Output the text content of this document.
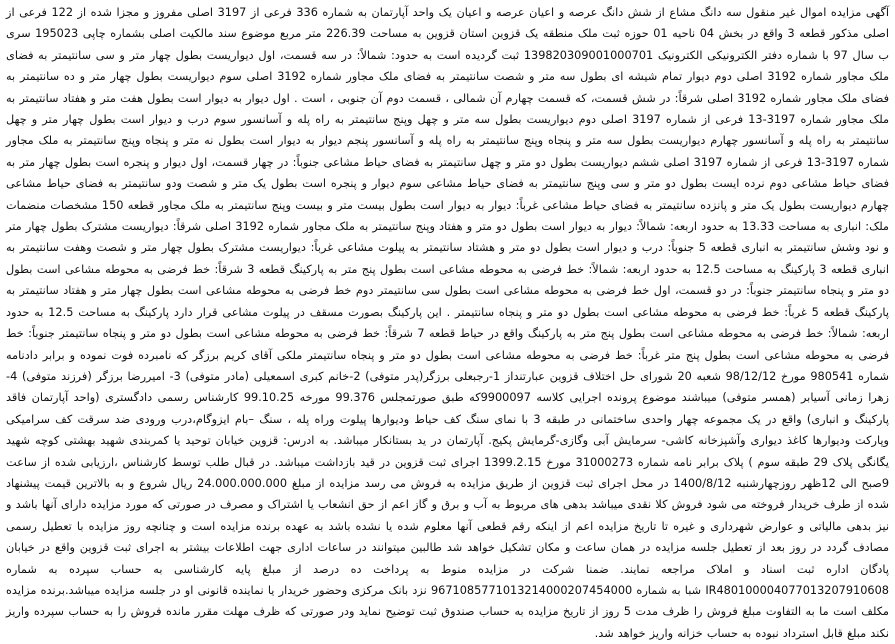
آگهی مزایده اموال غیر منقول سه دانگ مشاع از شش دانگ عرصه و اعیان عرصه و اعیان یک واحد آپارتمان به شماره 336 فرعی از 3197 اصلی مفروز و مجزا شده از 122 فرعی از اصلی مذکور قطعه 3 واقع در بخش 04 ناحیه 01 حوزه ثبت ملک منطقه یک قزوین استان قزوین به مساحت 226.39 متر مربع موضوع سند مالکیت اصلی بشماره چاپی 195023 سری ب سال 97 با شماره دفتر الکترونیکی الکترونیک 139820309001000701 ثبت گردیده است به حدود: شمالاً: در سه قسمت، اول دیواریست بطول چهار متر و سی سانتیمتر به فضای ملک مجاور شماره 3192 اصلی دوم دیوار تمام شیشه ای بطول سه متر و شصت سانتیمتر به فضای ملک مجاور شماره 3192 اصلی سوم دیواریست بطول چهار متر و ده سانتیمتر به فضای ملک مجاور شماره 3192 اصلی شرقاً: در شش قسمت، که قسمت چهارم آن شمالی ، قسمت دوم آن جنوبی ، است . اول دیوار به دیوار است بطول هفت متر و هفتاد سانتیمتر به ملک مجاور شماره 3197-13 فرعی از شماره 3197 اصلی دوم دیواریست بطول سه متر و چهل وپنج سانتیمتر به راه پله و آسانسور سوم درب و دیوار است بطول چهار متر و چهل سانتیمتر به راه پله و آسانسور چهارم دیواریست بطول سه متر و پنجاه وپنج سانتیمتر به راه پله و آسانسور پنجم دیوار به دیوار است بطول نه متر و پنجاه وپنج سانتیمتر به ملک مجاور شماره 3197-13 فرعی از شماره 3197 اصلی ششم دیواریست بطول دو متر و چهل سانتیمتر به فضای حیاط مشاعی جنوباً: در چهار قسمت، اول دیوار و پنجره است بطول چهار متر به فضای حیاط مشاعی دوم نرده ایست بطول دو متر و سی وپنج سانتیمتر به فضای حیاط مشاعی سوم دیوار و پنجره است بطول یک متر و شصت ودو سانتیمتر به فضای حیاط مشاعی چهارم دیواریست بطول یک متر و پانزده سانتیمتر به فضای حیاط مشاعی غرباً: دیوار به دیوار است بطول بیست متر و بیست وپنج سانتیمتر به ملک مجاور قطعه 150 مشخصات منضمات ملک: انباری به مساحت 13.33 به حدود اربعه: شمالاً: دیوار به دیوار است بطول دو متر و هفتاد وپنج سانتیمتر به ملک مجاور شماره 3192 اصلی شرقاً: دیواریست مشترک بطول چهار متر و نود وشش سانتیمتر به انباری قطعه 5 جنوباً: درب و دیوار است بطول دو متر و هشتاد سانتیمتر به پیلوت مشاعی غرباً: دیواریست مشترک بطول چهار متر و شصت وهفت سانتیمتر به انباری قطعه 3 پارکینگ به مساحت 12.5 به حدود اربعه: شمالاً: خط فرضی به محوطه مشاعی است بطول پنج متر به پارکینگ قطعه 3 شرقاً: خط فرضی به محوطه مشاعی است بطول دو متر و پنجاه سانتیمتر جنوباً: در دو قسمت، اول خط فرضی به محوطه مشاعی است بطول سی سانتیمتر دوم خط فرضی به محوطه مشاعی است بطول چهار متر و هفتاد سانتیمتر به پارکینگ قطعه 5 غرباً: خط فرضی به محوطه مشاعی است بطول دو متر و پنجاه سانتیمتر . این پارکینگ بصورت مسقف در پیلوت مشاعی قرار دارد پارکینگ به مساحت 12.5 به حدود اربعه: شمالاً: خط فرضی به محوطه مشاعی است بطول پنج متر به پارکینگ واقع در حیاط قطعه 7 شرقاً: خط فرضی به محوطه مشاعی است بطول دو متر و پنجاه سانتیمتر جنوباً: خط فرضی به محوطه مشاعی است بطول پنج متر غرباً: خط فرضی به محوطه مشاعی است بطول دو متر و پنجاه سانتیمتر ملکی آقای کریم برزگر که نامبرده فوت نموده و برابر دادنامه شماره 980541 مورخ 98/12/12 شعبه 20 شورای حل اختلاف قزوین عبارتنداز 1-رجبعلی برزگر(پدر متوفی) 2-خانم کبری اسمعیلی (مادر متوفی) 3- امیررضا برزگر (فرزند متوفی) 4- زهرا زمانی آسیابر (همسر متوفی) میباشند موضوع پرونده اجرایی کلاسه 9900097که طبق صورتمجلس 99.376 مورخه 99.10.25 کارشناس رسمی دادگستری (واحد آپارتمان فاقد پارکینگ و انباری) واقع در یک مجموعه چهار واحدی ساختمانی در طبقه 3 با نمای سنگ کف حیاط ودیوارها پیلوت وراه پله ، سنگ –بام ایزوگام،درب ورودی ضد سرقت کف سرامیکی وپارکت ودیوارها کاغذ دیواری وآشپزخانه کاشی- سرمایش آبی وگازی-گرمایش پکیج. آپارتمان در ید بستانکار میباشد. به ادرس: قزوین خیابان توحید یا کمربندی شهید بهشتی کوچه شهید یگانگی پلاک 29 طبقه سوم ) پلاک برابر نامه شماره 31000273 مورخ 1399.2.15 اجرای ثبت قزوین در قید بازداشت میباشد. در قبال طلب توسط کارشناس ،ارزیابی شده از ساعت 9صبح الی 12ظهر روزچهارشنبه 1400/8/12 در محل اجرای ثبت قزوین از طریق مزایده به فروش می رسد مزایده از مبلغ 24.000.000.000 ریال شروع و به بالاترین قیمت پیشنهاد شده از طرف خریدار فروخته می شود فروش کلا نقدی میباشد بدهی های مربوط به آب و برق و گاز اعم از حق انشعاب یا اشتراک و مصرف در صورتی که مورد مزایده دارای آنها باشد و نیز بدهی مالیاتی و عوارض شهرداری و غیره تا تاریخ مزایده اعم از اینکه رقم قطعی آنها معلوم شده یا نشده باشد به عهده برنده مزایده است و چنانچه روز مزایده با تعطیل رسمی مصادف گردد در روز بعد از تعطیل جلسه مزایده در همان ساعت و مکان تشکیل خواهد شد طالبین میتوانند در ساعات اداری جهت اطلاعات بیشتر به اجرای ثبت قزوین واقع در خیابان پادگان اداره ثبت اسناد و املاک مراجعه نمایند. ضمنا شرکت در مزایده منوط به پرداخت ده درصد از مبلغ پایه کارشناسی به حساب سپرده به شماره IR480100004077013207910608 شبا به شماره 9671085771013214000207454000 نزد بانک مرکزی وحضور خریدار یا نماینده قانونی او در جلسه مزایده میباشد.برنده مزایده مکلف است ما به التفاوت مبلغ فروش را ظرف مدت 5 روز از تاریخ مزایده به حساب صندوق ثبت توضیح نماید ودر صورتی که ظرف مهلت مقرر مانده فروش را به حساب سپرده واریز نکند مبلغ قابل استرداد نبوده به حساب خزانه واریز خواهد شد.
